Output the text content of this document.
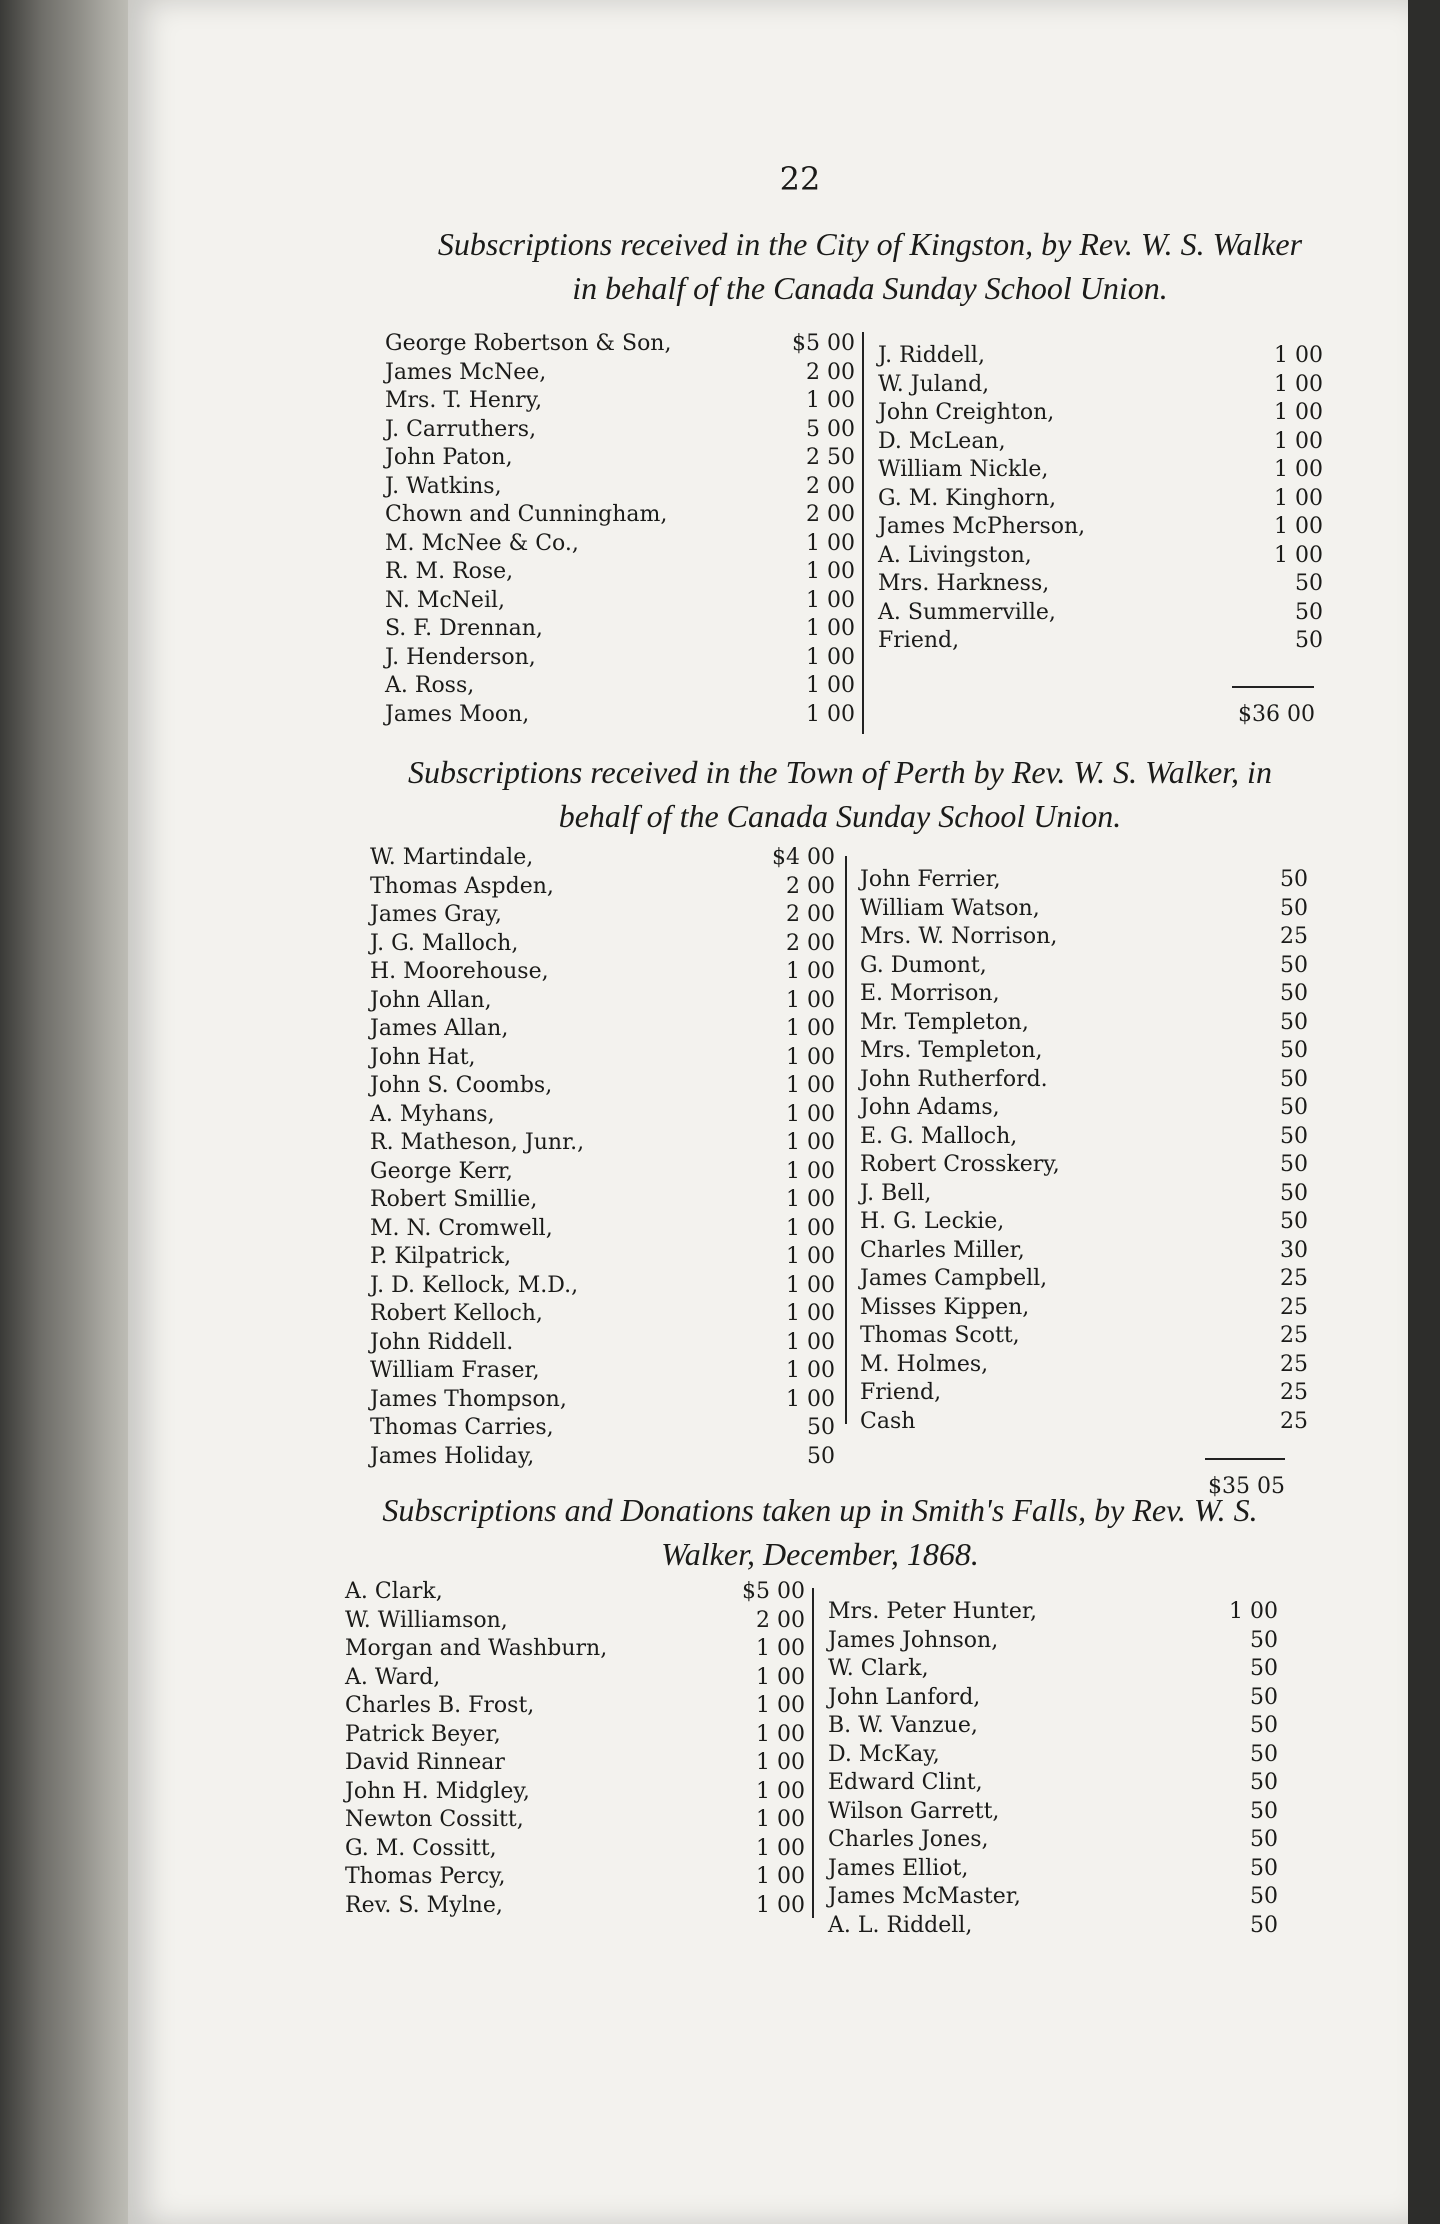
22
Subscriptions received in the City of Kingston, by Rev. W. S. Walker
in behalf of the Canada Sunday School Union.
George Robertson & Son,	$5 00
James McNee,	2 00
Mrs. T. Henry,	1 00
J. Carruthers,	5 00
John Paton,	2 50
J. Watkins,	2 00
Chown and Cunningham,	2 00
M. McNee & Co.,	1 00
R. M. Rose,	1 00
N. McNeil,	1 00
S. F. Drennan,	1 00
J. Henderson,	1 00
A. Ross,	1 00
James Moon,	1 00
J. Riddell,	1 00
W. Juland,	1 00
John Creighton,	1 00
D. McLean,	1 00
William Nickle,	1 00
G. M. Kinghorn,	1 00
James McPherson,	1 00
A. Livingston,	1 00
Mrs. Harkness,	50
A. Summerville,	50
Friend,	50
$36 00
Subscriptions received in the Town of Perth by Rev. W. S. Walker, in
behalf of the Canada Sunday School Union.
W. Martindale,	$4 00
Thomas Aspden,	2 00
James Gray,	2 00
J. G. Malloch,	2 00
H. Moorehouse,	1 00
John Allan,	1 00
James Allan,	1 00
John Hat,	1 00
John S. Coombs,	1 00
A. Myhans,	1 00
R. Matheson, Junr.,	1 00
George Kerr,	1 00
Robert Smillie,	1 00
M. N. Cromwell,	1 00
P. Kilpatrick,	1 00
J. D. Kellock, M.D.,	1 00
Robert Kelloch,	1 00
John Riddell.	1 00
William Fraser,	1 00
James Thompson,	1 00
Thomas Carries,	50
James Holiday,	50
John Ferrier,	50
William Watson,	50
Mrs. W. Norrison,	25
G. Dumont,	50
E. Morrison,	50
Mr. Templeton,	50
Mrs. Templeton,	50
John Rutherford.	50
John Adams,	50
E. G. Malloch,	50
Robert Crosskery,	50
J. Bell,	50
H. G. Leckie,	50
Charles Miller,	30
James Campbell,	25
Misses Kippen,	25
Thomas Scott,	25
M. Holmes,	25
Friend,	25
Cash	25
$35 05
Subscriptions and Donations taken up in Smith's Falls, by Rev. W. S.
Walker, December, 1868.
A. Clark,	$5 00
W. Williamson,	2 00
Morgan and Washburn,	1 00
A. Ward,	1 00
Charles B. Frost,	1 00
Patrick Beyer,	1 00
David Rinnear	1 00
John H. Midgley,	1 00
Newton Cossitt,	1 00
G. M. Cossitt,	1 00
Thomas Percy,	1 00
Rev. S. Mylne,	1 00
Mrs. Peter Hunter,	1 00
James Johnson,	50
W. Clark,	50
John Lanford,	50
B. W. Vanzue,	50
D. McKay,	50
Edward Clint,	50
Wilson Garrett,	50
Charles Jones,	50
James Elliot,	50
James McMaster,	50
A. L. Riddell,	50
